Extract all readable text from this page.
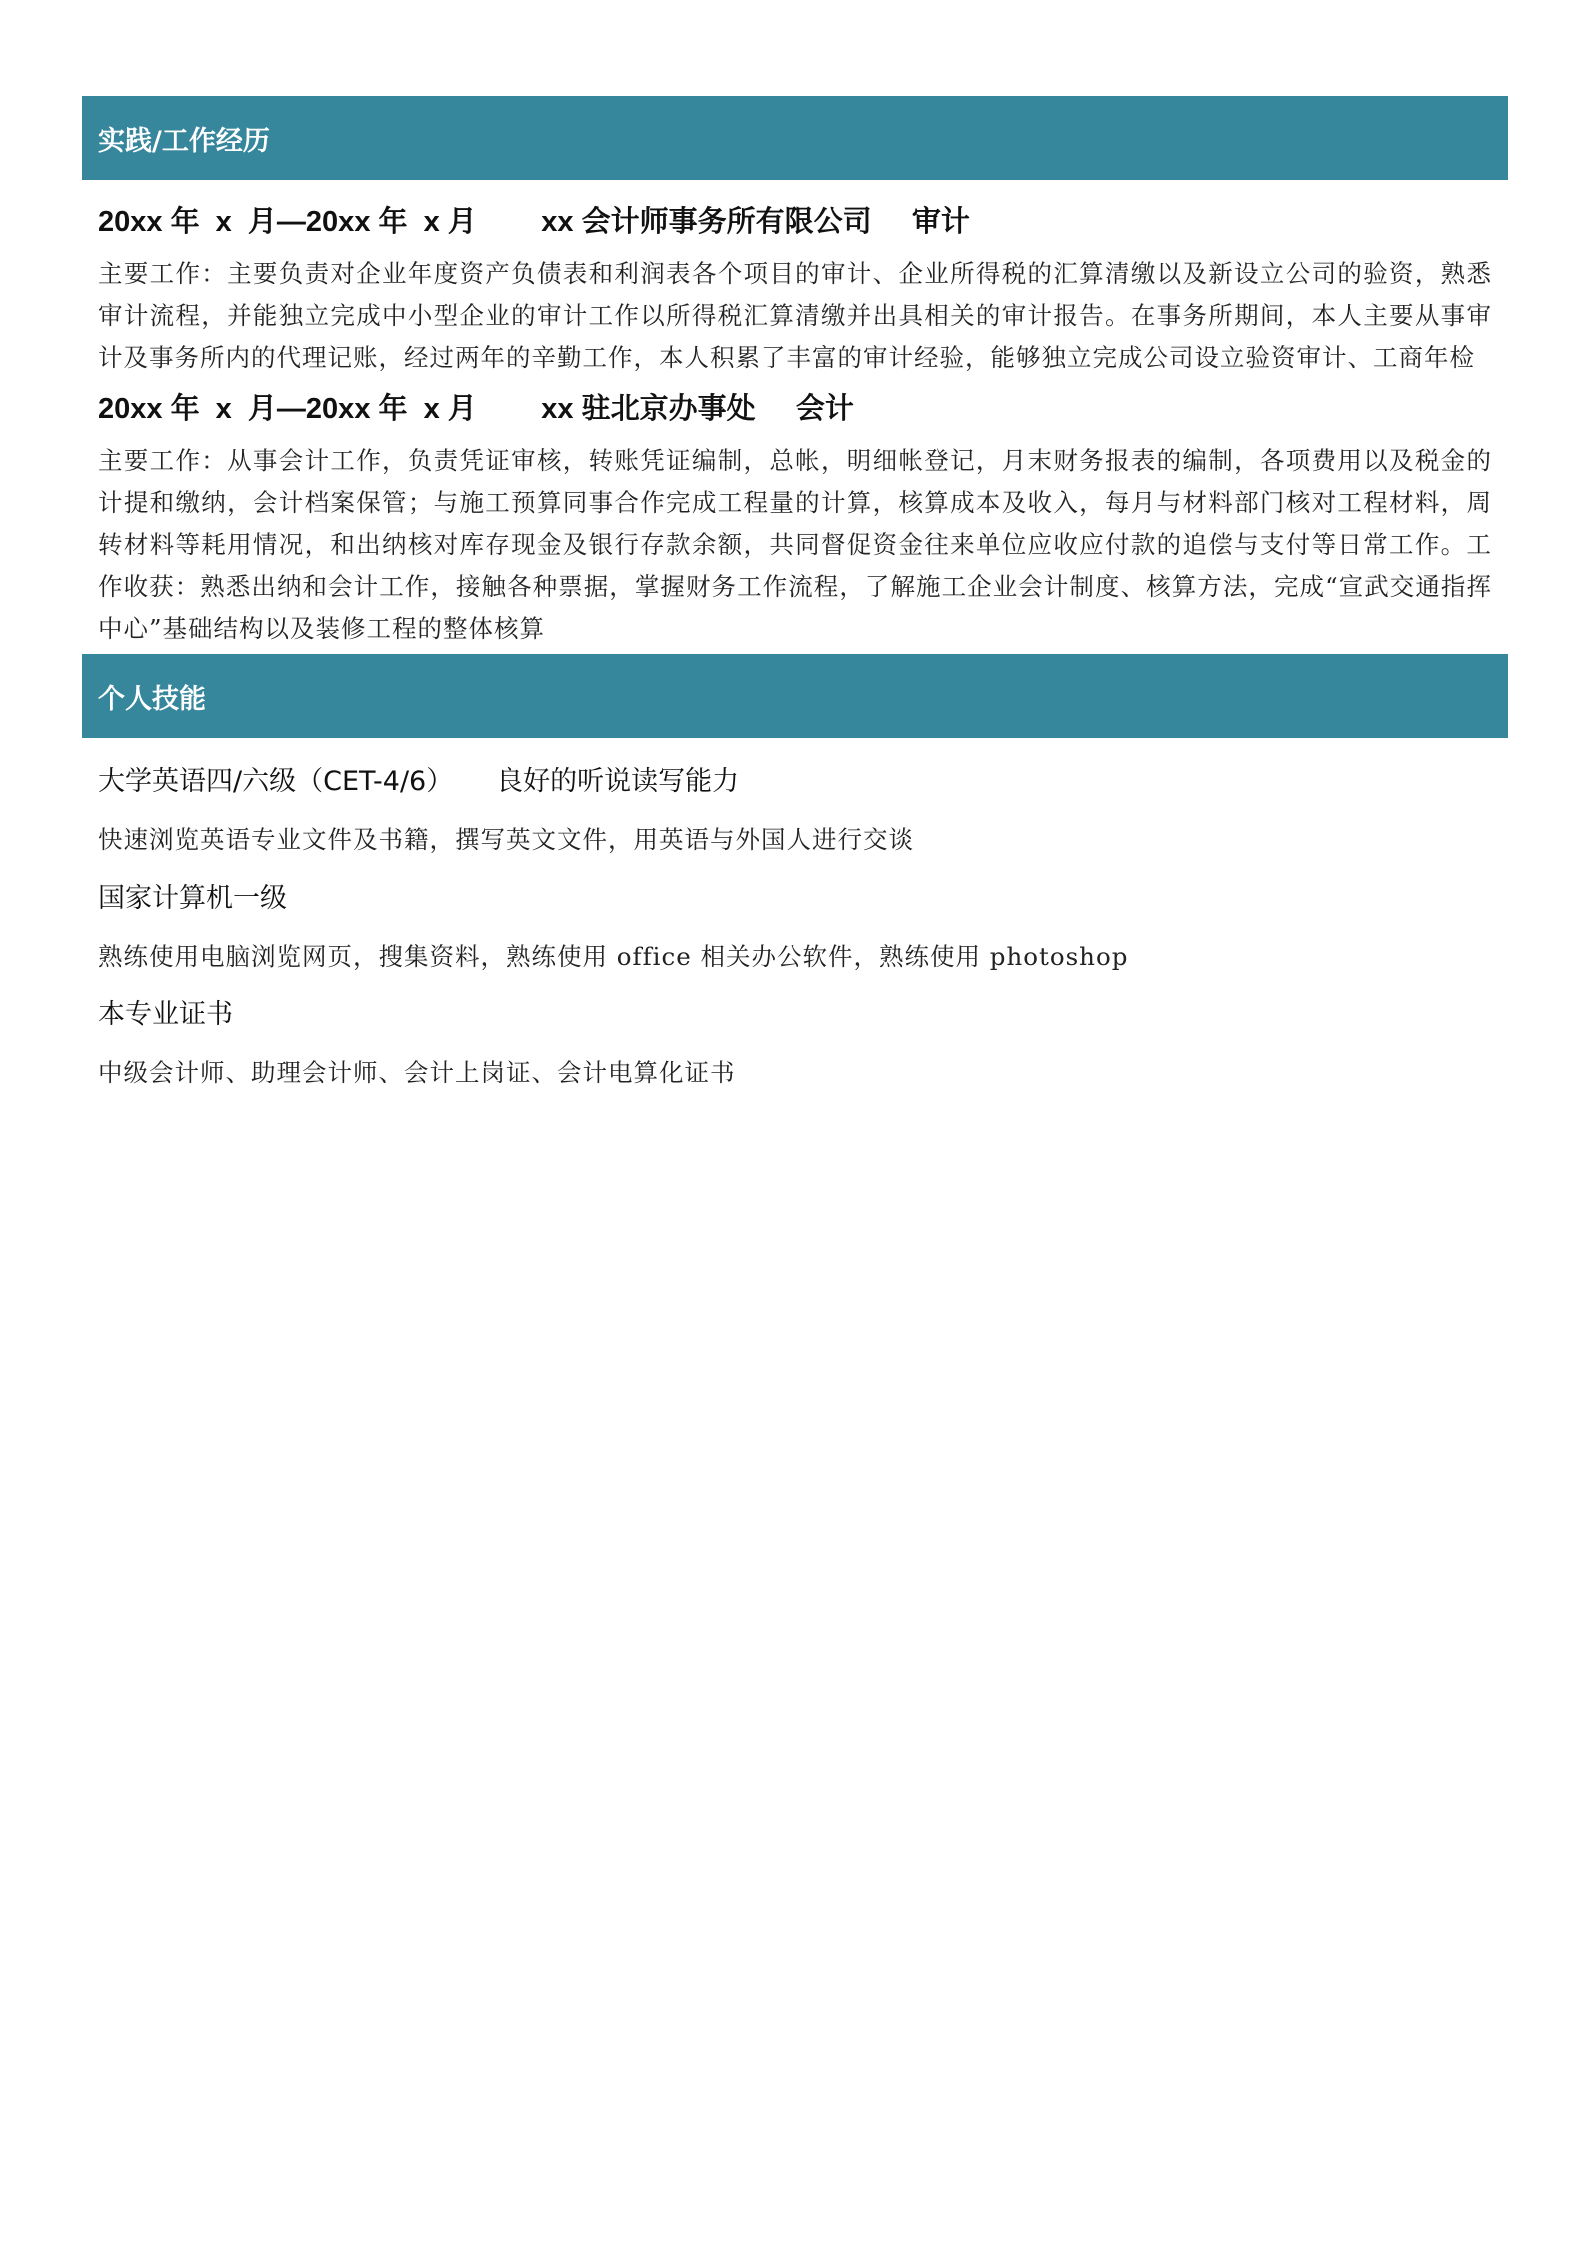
实践/工作经历
20xx 年  x  月—20xx 年  x 月        xx 会计师事务所有限公司     审计
主要工作：主要负责对企业年度资产负债表和利润表各个项目的审计、企业所得税的汇算清缴以及新设立公司的验资，熟悉审计流程，并能独立完成中小型企业的审计工作以所得税汇算清缴并出具相关的审计报告。在事务所期间，本人主要从事审计及事务所内的代理记账，经过两年的辛勤工作，本人积累了丰富的审计经验，能够独立完成公司设立验资审计、工商年检
20xx 年  x  月—20xx 年  x 月        xx 驻北京办事处     会计
主要工作：从事会计工作，负责凭证审核，转账凭证编制，总帐，明细帐登记，月末财务报表的编制，各项费用以及税金的计提和缴纳，会计档案保管；与施工预算同事合作完成工程量的计算，核算成本及收入，每月与材料部门核对工程材料，周转材料等耗用情况，和出纳核对库存现金及银行存款余额，共同督促资金往来单位应收应付款的追偿与支付等日常工作。工作收获：熟悉出纳和会计工作，接触各种票据，掌握财务工作流程，了解施工企业会计制度、核算方法，完成“宣武交通指挥中心”基础结构以及装修工程的整体核算
个人技能
大学英语四/六级（CET-4/6）     良好的听说读写能力
快速浏览英语专业文件及书籍，撰写英文文件，用英语与外国人进行交谈
国家计算机一级
熟练使用电脑浏览网页，搜集资料，熟练使用 office 相关办公软件，熟练使用 photoshop
本专业证书
中级会计师、助理会计师、会计上岗证、会计电算化证书
